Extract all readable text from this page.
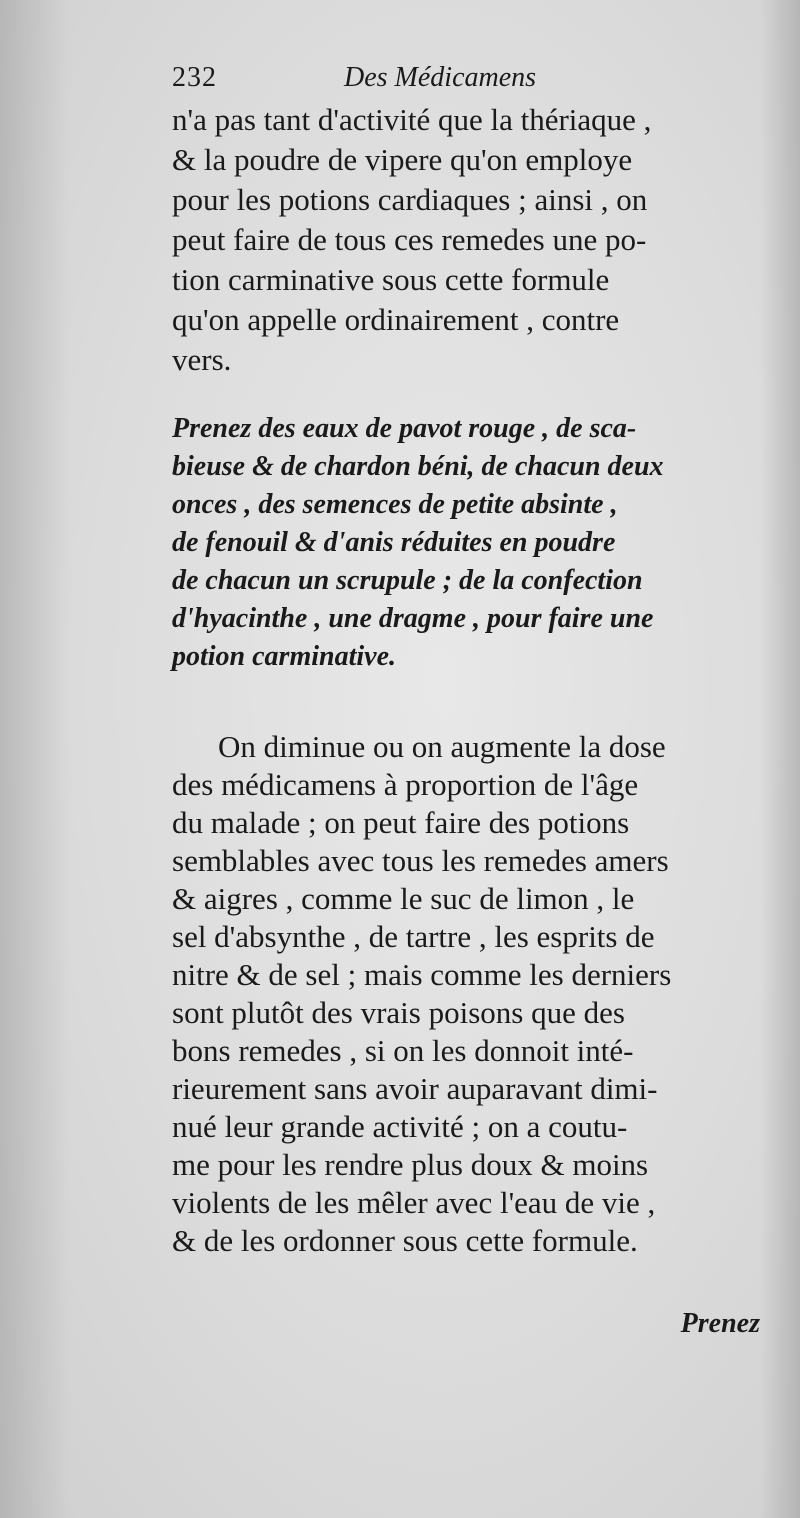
232	Des Médicamens
n'a pas tant d'activité que la thériaque ,
& la poudre de vipere qu'on employe
pour les potions cardiaques ; ainsi , on
peut faire de tous ces remedes une po-
tion carminative sous cette formule
qu'on appelle ordinairement , contre
vers.
Prenez des eaux de pavot rouge , de sca-
bieuse & de chardon béni, de chacun deux
onces , des semences de petite absinte ,
de fenouil & d'anis réduites en poudre
de chacun un scrupule ; de la confection
d'hyacinthe , une dragme , pour faire une
potion carminative.
On diminue ou on augmente la dose
des médicamens à proportion de l'âge
du malade ; on peut faire des potions
semblables avec tous les remedes amers
& aigres , comme le suc de limon , le
sel d'absynthe , de tartre , les esprits de
nitre & de sel ; mais comme les derniers
sont plutôt des vrais poisons que des
bons remedes , si on les donnoit inté-
rieurement sans avoir auparavant dimi-
nué leur grande activité ; on a coutu-
me pour les rendre plus doux & moins
violents de les mêler avec l'eau de vie ,
& de les ordonner sous cette formule.
Prenez
